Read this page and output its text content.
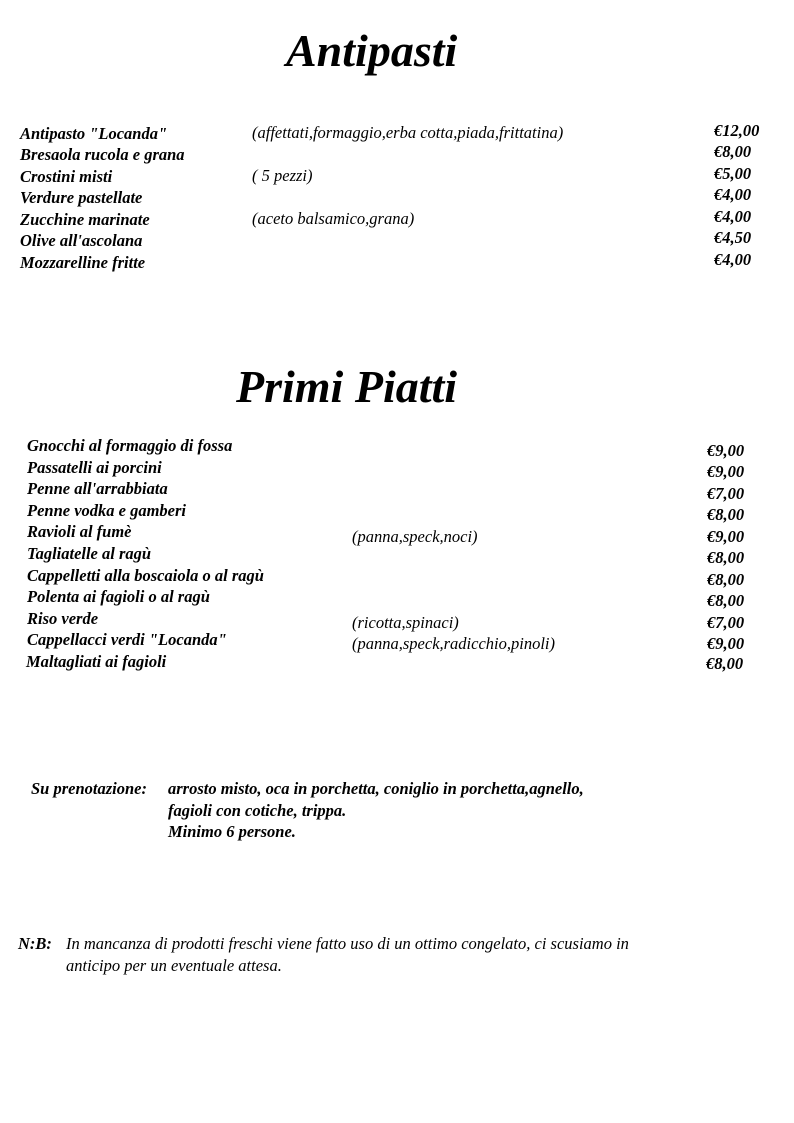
Antipasti
Antipasto "Locanda"	(affettati,formaggio,erba cotta,piada,frittatina)	€12,00
Bresaola rucola e grana	€8,00
Crostini misti	( 5 pezzi)	€5,00
Verdure pastellate	€4,00
Zucchine marinate	(aceto balsamico,grana)	€4,00
Olive all'ascolana	€4,50
Mozzarelline fritte	€4,00
Primi Piatti
Gnocchi al formaggio di fossa	€9,00
Passatelli ai porcini	€9,00
Penne all'arrabbiata	€7,00
Penne vodka e gamberi	€8,00
Ravioli al fumè	(panna,speck,noci)	€9,00
Tagliatelle al ragù	€8,00
Cappelletti alla boscaiola o al ragù	€8,00
Polenta ai fagioli o al ragù	€8,00
Riso verde	(ricotta,spinaci)	€7,00
Cappellacci verdi "Locanda"	(panna,speck,radicchio,pinoli)	€9,00
Maltagliati ai fagioli	€8,00
Su prenotazione: arrosto misto, oca in porchetta, coniglio in porchetta,agnello,
fagioli con cotiche, trippa.
Minimo 6 persone.
N:B: In mancanza di prodotti freschi viene fatto uso di un ottimo congelato, ci scusiamo in
anticipo per un eventuale attesa.
